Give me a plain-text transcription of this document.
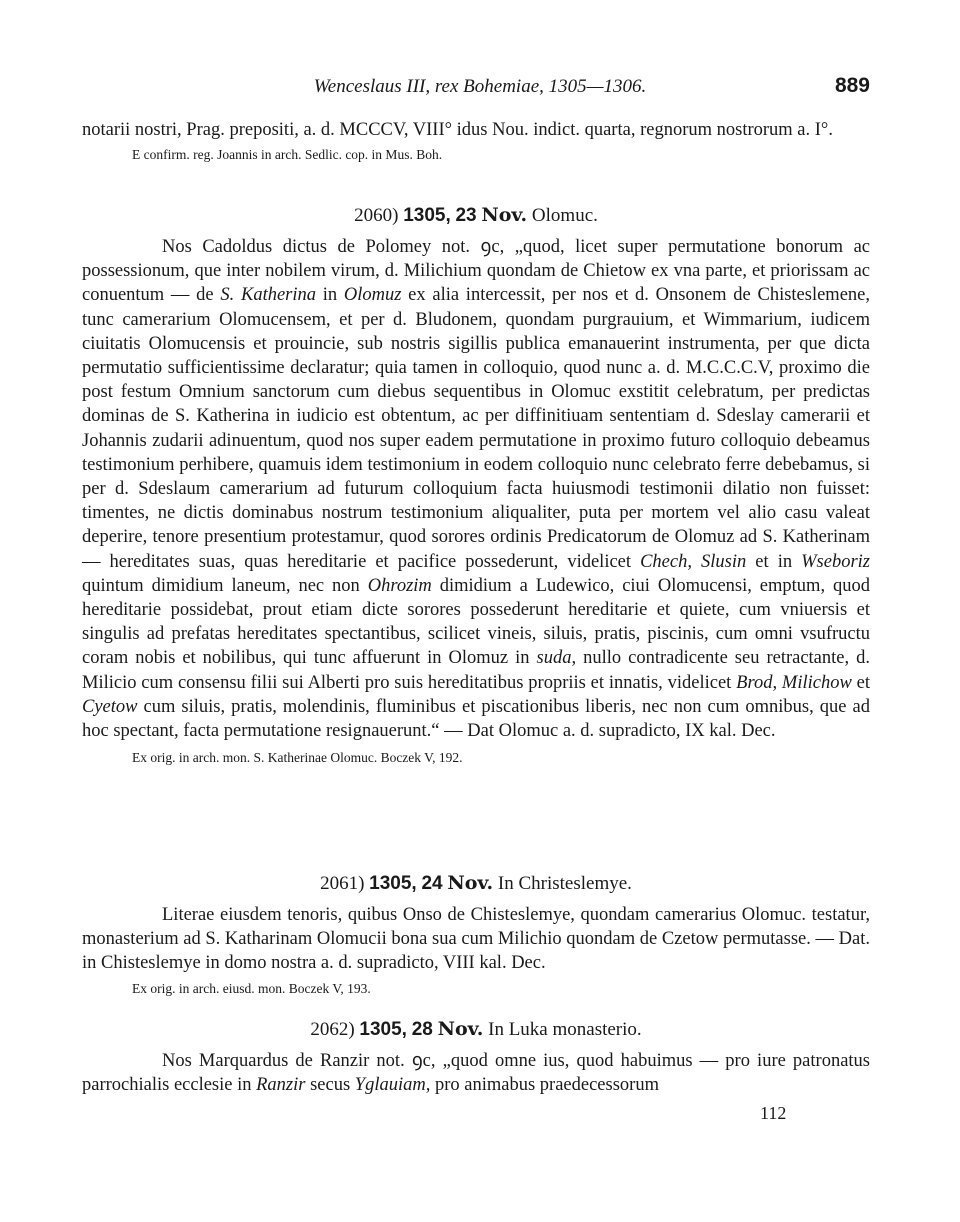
Wenceslaus III, rex Bohemiae, 1305—1306.	889

notarii nostri, Prag. prepositi, a. d. MCCCV, VIII° idus Nou. indict. quarta, regnorum nostrorum a. I°.

E confirm. reg. Joannis in arch. Sedlic. cop. in Mus. Boh.

2060) 1305, 23 Nov. Olomuc.

Nos Cadoldus dictus de Polomey not. ꝯc, „quod, licet super permutatione bonorum ac possessionum, que inter nobilem virum, d. Milichium quondam de Chietow ex vna parte, et priorissam ac conuentum — de S. Katherina in Olomuz ex alia intercessit, per nos et d. Onsonem de Chisteslemene, tunc camerarium Olomucensem, et per d. Bludonem, quondam purgrauium, et Wimmarium, iudicem ciuitatis Olomucensis et prouincie, sub nostris sigillis publica emanauerint instrumenta, per que dicta permutatio sufficientissime declaratur; quia tamen in colloquio, quod nunc a. d. M.C.C.C.V, proximo die post festum Omnium sanctorum cum diebus sequentibus in Olomuc exstitit celebratum, per predictas dominas de S. Katherina in iudicio est obtentum, ac per diffinitiuam sententiam d. Sdeslay camerarii et Johannis zudarii adinuentum, quod nos super eadem permutatione in proximo futuro colloquio debeamus testimonium perhibere, quamuis idem testimonium in eodem colloquio nunc celebrato ferre debebamus, si per d. Sdeslaum camerarium ad futurum colloquium facta huiusmodi testimonii dilatio non fuisset: timentes, ne dictis dominabus nostrum testimonium aliqualiter, puta per mortem vel alio casu valeat deperire, tenore presentium protestamur, quod sorores ordinis Predicatorum de Olomuz ad S. Katherinam — hereditates suas, quas hereditarie et pacifice possederunt, videlicet Chech, Slusin et in Wseboriz quintum dimidium laneum, nec non Ohrozim dimidium a Ludewico, ciui Olomucensi, emptum, quod hereditarie possidebat, prout etiam dicte sorores possederunt hereditarie et quiete, cum vniuersis et singulis ad prefatas hereditates spectantibus, scilicet vineis, siluis, pratis, piscinis, cum omni vsufructu coram nobis et nobilibus, qui tunc affuerunt in Olomuz in suda, nullo contradicente seu retractante, d. Milicio cum consensu filii sui Alberti pro suis hereditatibus propriis et innatis, videlicet Brod, Milichow et Cyetow cum siluis, pratis, molendinis, fluminibus et piscationibus liberis, nec non cum omnibus, que ad hoc spectant, facta permutatione resignauerunt.“ — Dat Olomuc a. d. supradicto, IX kal. Dec.

Ex orig. in arch. mon. S. Katherinae Olomuc. Boczek V, 192.

2061) 1305, 24 Nov. In Christeslemye.

Literae eiusdem tenoris, quibus Onso de Chisteslemye, quondam camerarius Olomuc. testatur, monasterium ad S. Katharinam Olomucii bona sua cum Milichio quondam de Czetow permutasse. — Dat. in Chisteslemye in domo nostra a. d. supradicto, VIII kal. Dec.

Ex orig. in arch. eiusd. mon. Boczek V, 193.

2062) 1305, 28 Nov. In Luka monasterio.

Nos Marquardus de Ranzir not. ꝯc, „quod omne ius, quod habuimus — pro iure patronatus parrochialis ecclesie in Ranzir secus Yglauiam, pro animabus praedecessorum

112
